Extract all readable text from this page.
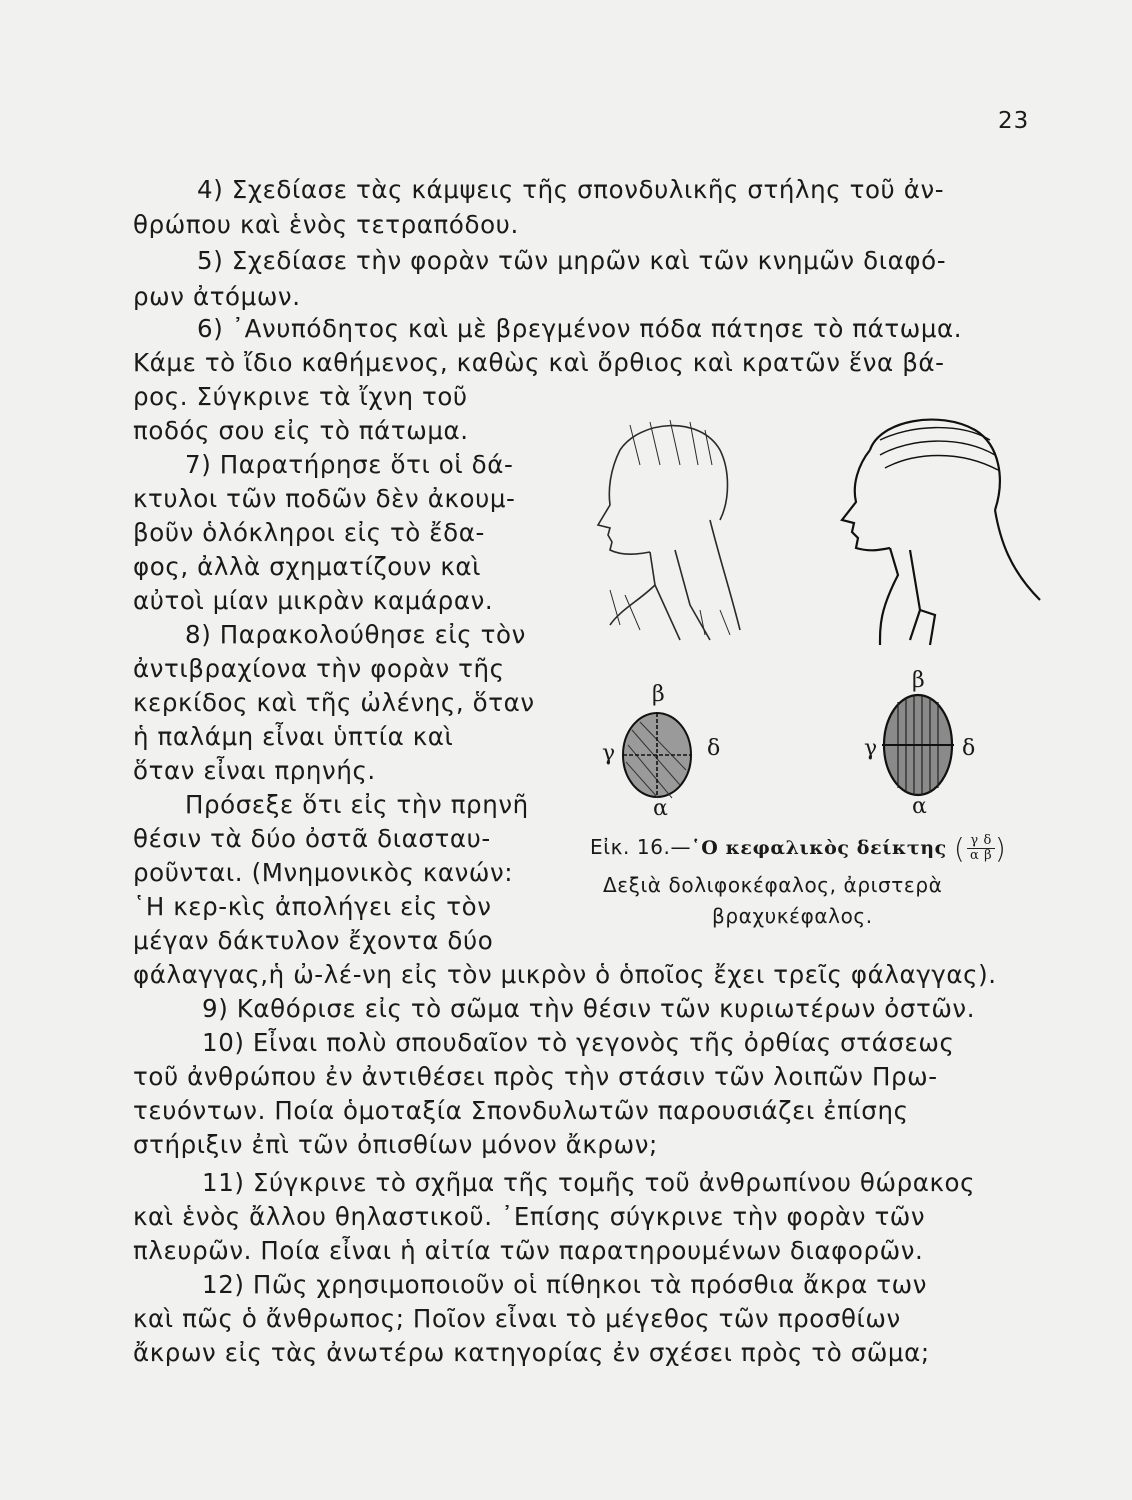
23
4) Σχεδίασε τὰς κάμψεις τῆς σπονδυλικῆς στήλης τοῦ ἀν-
θρώπου καὶ ἑνὸς τετραπόδου.
5) Σχεδίασε τὴν φορὰν τῶν μηρῶν καὶ τῶν κνημῶν διαφό-
ρων ἀτόμων.
6) ᾿Ανυπόδητος καὶ μὲ βρεγμένον πόδα πάτησε τὸ πάτωμα.
Κάμε τὸ ἴδιο καθήμενος, καθὼς καὶ ὄρθιος καὶ κρατῶν ἕνα βά-
ρος. Σύγκρινε τὰ ἴχνη τοῦ
ποδός σου εἰς τὸ πάτωμα.
7) Παρατήρησε ὅτι οἱ δά-
κτυλοι τῶν ποδῶν δὲν ἀκουμ-
βοῦν ὁλόκληροι εἰς τὸ ἔδα-
φος, ἀλλὰ σχηματίζουν καὶ
αὐτοὶ μίαν μικρὰν καμάραν.
8) Παρακολούθησε εἰς τὸν
ἀντιβραχίονα τὴν φορὰν τῆς
κερκίδος καὶ τῆς ὠλένης, ὅταν
ἡ παλάμη εἶναι ὑπτία καὶ
ὅταν εἶναι πρηνής.
Πρόσεξε ὅτι εἰς τὴν πρηνῆ
θέσιν τὰ δύο ὀστᾶ διασταυ-
ροῦνται. (Μνημονικὸς κανών:
῾Η κερ-κὶς ἀπολήγει εἰς τὸν
μέγαν δάκτυλον ἔχοντα δύο
φάλαγγας,ἡ ὠ-λέ-νη εἰς τὸν μικρὸν ὁ ὁποῖος ἔχει τρεῖς φάλαγγας).
9) Καθόρισε εἰς τὸ σῶμα τὴν θέσιν τῶν κυριωτέρων ὀστῶν.
10) Εἶναι πολὺ σπουδαῖον τὸ γεγονὸς τῆς ὀρθίας στάσεως
τοῦ ἀνθρώπου ἐν ἀντιθέσει πρὸς τὴν στάσιν τῶν λοιπῶν Πρω-
τευόντων. Ποία ὁμοταξία Σπονδυλωτῶν παρουσιάζει ἐπίσης
στήριξιν ἐπὶ τῶν ὀπισθίων μόνον ἄκρων;
11) Σύγκρινε τὸ σχῆμα τῆς τομῆς τοῦ ἀνθρωπίνου θώρακος
καὶ ἑνὸς ἄλλου θηλαστικοῦ. ᾿Επίσης σύγκρινε τὴν φορὰν τῶν
πλευρῶν. Ποία εἶναι ἡ αἰτία τῶν παρατηρουμένων διαφορῶν.
12) Πῶς χρησιμοποιοῦν οἱ πίθηκοι τὰ πρόσθια ἄκρα των
καὶ πῶς ὁ ἄνθρωπος; Ποῖον εἶναι τὸ μέγεθος τῶν προσθίων
ἄκρων εἰς τὰς ἀνωτέρω κατηγορίας ἐν σχέσει πρὸς τὸ σῶμα;
β
γ	δ
α
β
γ	δ
α
Εἰκ. 16.—῾Ο κεφαλικὸς δείκτης ( $\frac{\text{γ δ}}{\text{α β}}$ )
Δεξιὰ δολιφοκέφαλος, ἀριστερὰ
βραχυκέφαλος.
